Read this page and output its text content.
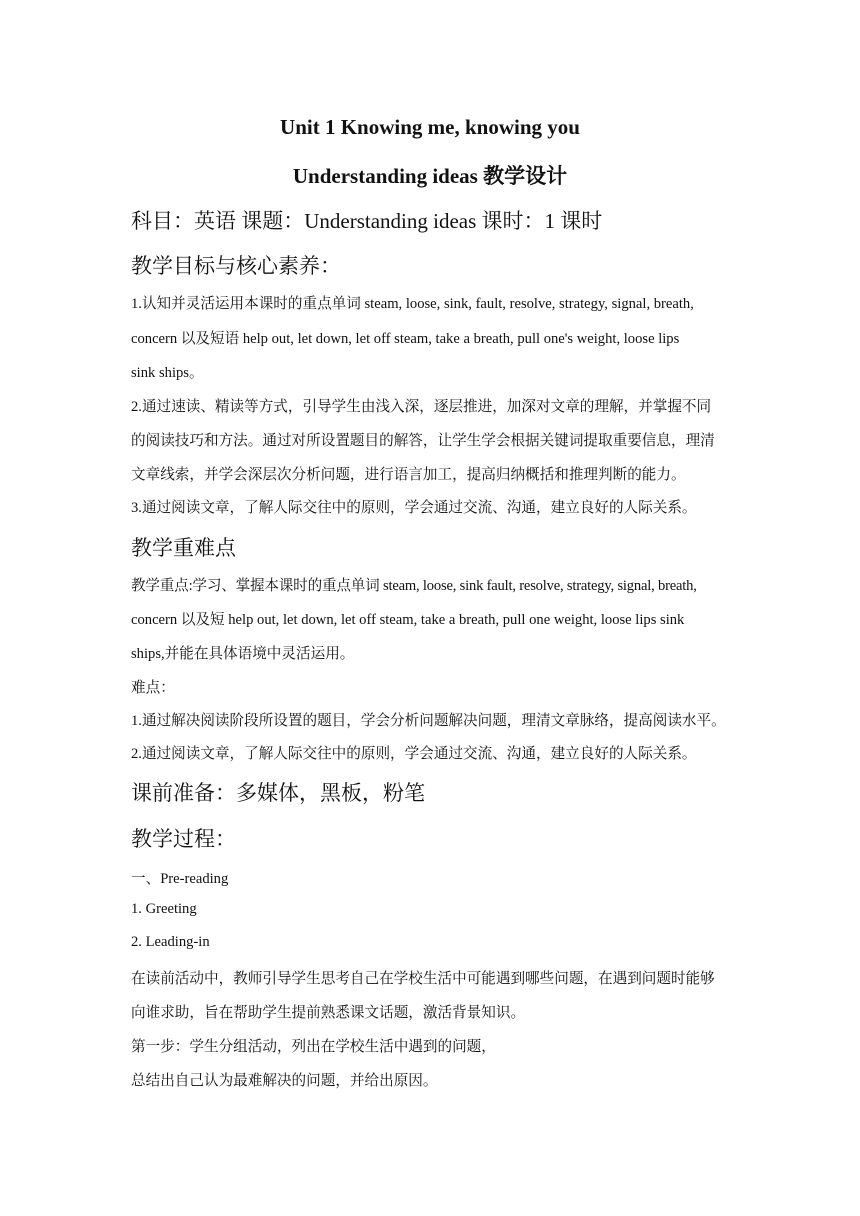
Unit 1 Knowing me, knowing you
Understanding ideas 教学设计
科目：英语 课题：Understanding ideas 课时：1 课时
教学目标与核心素养：
1.认知并灵活运用本课时的重点单词 steam, loose, sink, fault, resolve, strategy, signal, breath,
concern 以及短语 help out, let down, let off steam, take a breath, pull one's weight, loose lips
sink ships。
2.通过速读、精读等方式，引导学生由浅入深，逐层推进，加深对文章的理解，并掌握不同
的阅读技巧和方法。通过对所设置题目的解答，让学生学会根据关键词提取重要信息，理清
文章线索，并学会深层次分析问题，进行语言加工，提高归纳概括和推理判断的能力。
3.通过阅读文章，了解人际交往中的原则，学会通过交流、沟通，建立良好的人际关系。
教学重难点
教学重点:学习、掌握本课时的重点单词 steam, loose, sink fault, resolve, strategy, signal, breath,
concern 以及短 help out, let down, let off steam, take a breath, pull one weight, loose lips sink
ships,并能在具体语境中灵活运用。
难点：
1.通过解决阅读阶段所设置的题目，学会分析问题解决问题，理清文章脉络，提高阅读水平。
2.通过阅读文章，了解人际交往中的原则，学会通过交流、沟通，建立良好的人际关系。
课前准备：多媒体，黑板，粉笔
教学过程：
一、Pre-reading
1. Greeting
2. Leading-in
在读前活动中，教师引导学生思考自己在学校生活中可能遇到哪些问题，在遇到问题时能够
向谁求助，旨在帮助学生提前熟悉课文话题，激活背景知识。
第一步：学生分组活动，列出在学校生活中遇到的问题，
总结出自己认为最难解决的问题，并给出原因。
